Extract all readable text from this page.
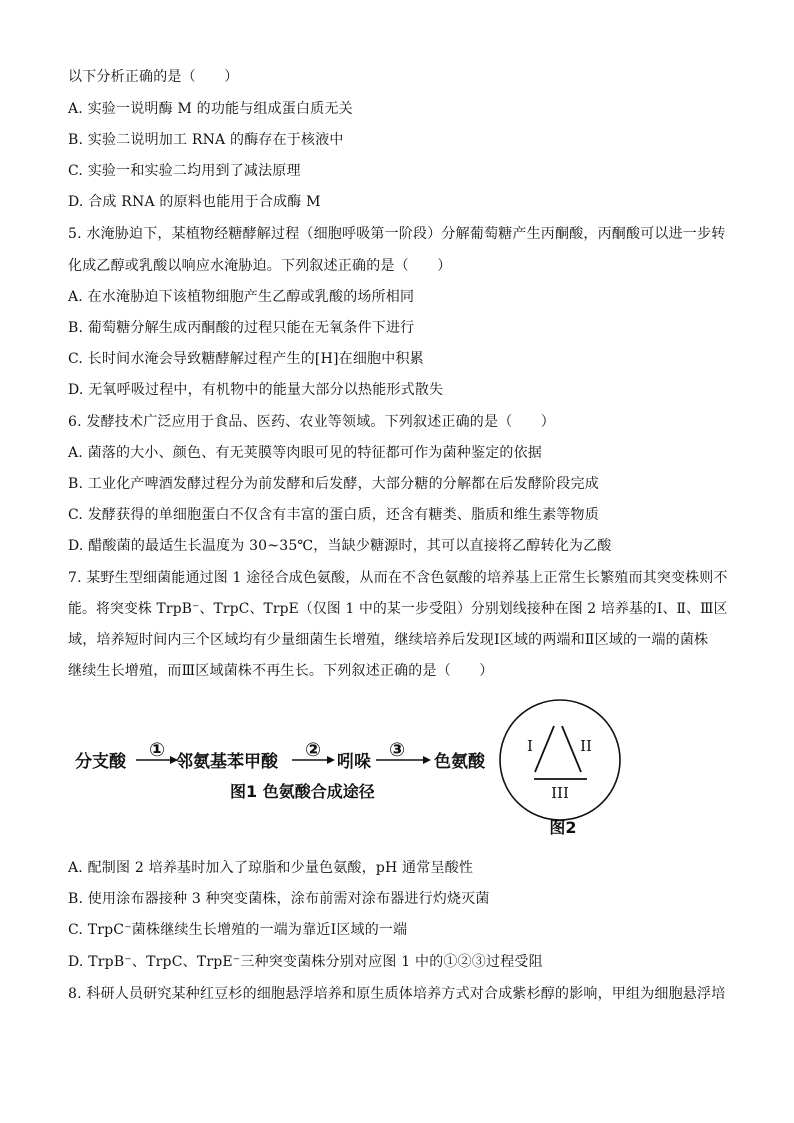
以下分析正确的是（　　）
A. 实验一说明酶 M 的功能与组成蛋白质无关
B. 实验二说明加工 RNA 的酶存在于核液中
C. 实验一和实验二均用到了减法原理
D. 合成 RNA 的原料也能用于合成酶 M
5. 水淹胁迫下，某植物经糖酵解过程（细胞呼吸第一阶段）分解葡萄糖产生丙酮酸，丙酮酸可以进一步转
化成乙醇或乳酸以响应水淹胁迫。下列叙述正确的是（　　）
A. 在水淹胁迫下该植物细胞产生乙醇或乳酸的场所相同
B. 葡萄糖分解生成丙酮酸的过程只能在无氧条件下进行
C. 长时间水淹会导致糖酵解过程产生的[H]在细胞中积累
D. 无氧呼吸过程中，有机物中的能量大部分以热能形式散失
6. 发酵技术广泛应用于食品、医药、农业等领域。下列叙述正确的是（　　）
A. 菌落的大小、颜色、有无荚膜等肉眼可见的特征都可作为菌种鉴定的依据
B. 工业化产啤酒发酵过程分为前发酵和后发酵，大部分糖的分解都在后发酵阶段完成
C. 发酵获得的单细胞蛋白不仅含有丰富的蛋白质，还含有糖类、脂质和维生素等物质
D. 醋酸菌的最适生长温度为 30~35℃，当缺少糖源时，其可以直接将乙醇转化为乙酸
7. 某野生型细菌能通过图 1 途径合成色氨酸，从而在不含色氨酸的培养基上正常生长繁殖而其突变株则不
能。将突变株 TrpB⁻、TrpC、TrpE（仅图 1 中的某一步受阻）分别划线接种在图 2 培养基的Ⅰ、Ⅱ、Ⅲ区
域，培养短时间内三个区域均有少量细菌生长增殖，继续培养后发现Ⅰ区域的两端和Ⅱ区域的一端的菌株
继续生长增殖，而Ⅲ区域菌株不再生长。下列叙述正确的是（　　）
A. 配制图 2 培养基时加入了琼脂和少量色氨酸，pH 通常呈酸性
B. 使用涂布器接种 3 种突变菌株，涂布前需对涂布器进行灼烧灭菌
C. TrpC⁻菌株继续生长增殖的一端为靠近Ⅰ区域的一端
D. TrpB⁻、TrpC、TrpE⁻三种突变菌株分别对应图 1 中的①②③过程受阻
8. 科研人员研究某种红豆杉的细胞悬浮培养和原生质体培养方式对合成紫杉醇的影响，甲组为细胞悬浮培
分支酸
①
邻氨基苯甲酸
②
吲哚
③
色氨酸
图1 色氨酸合成途径
I	II
III
图2
